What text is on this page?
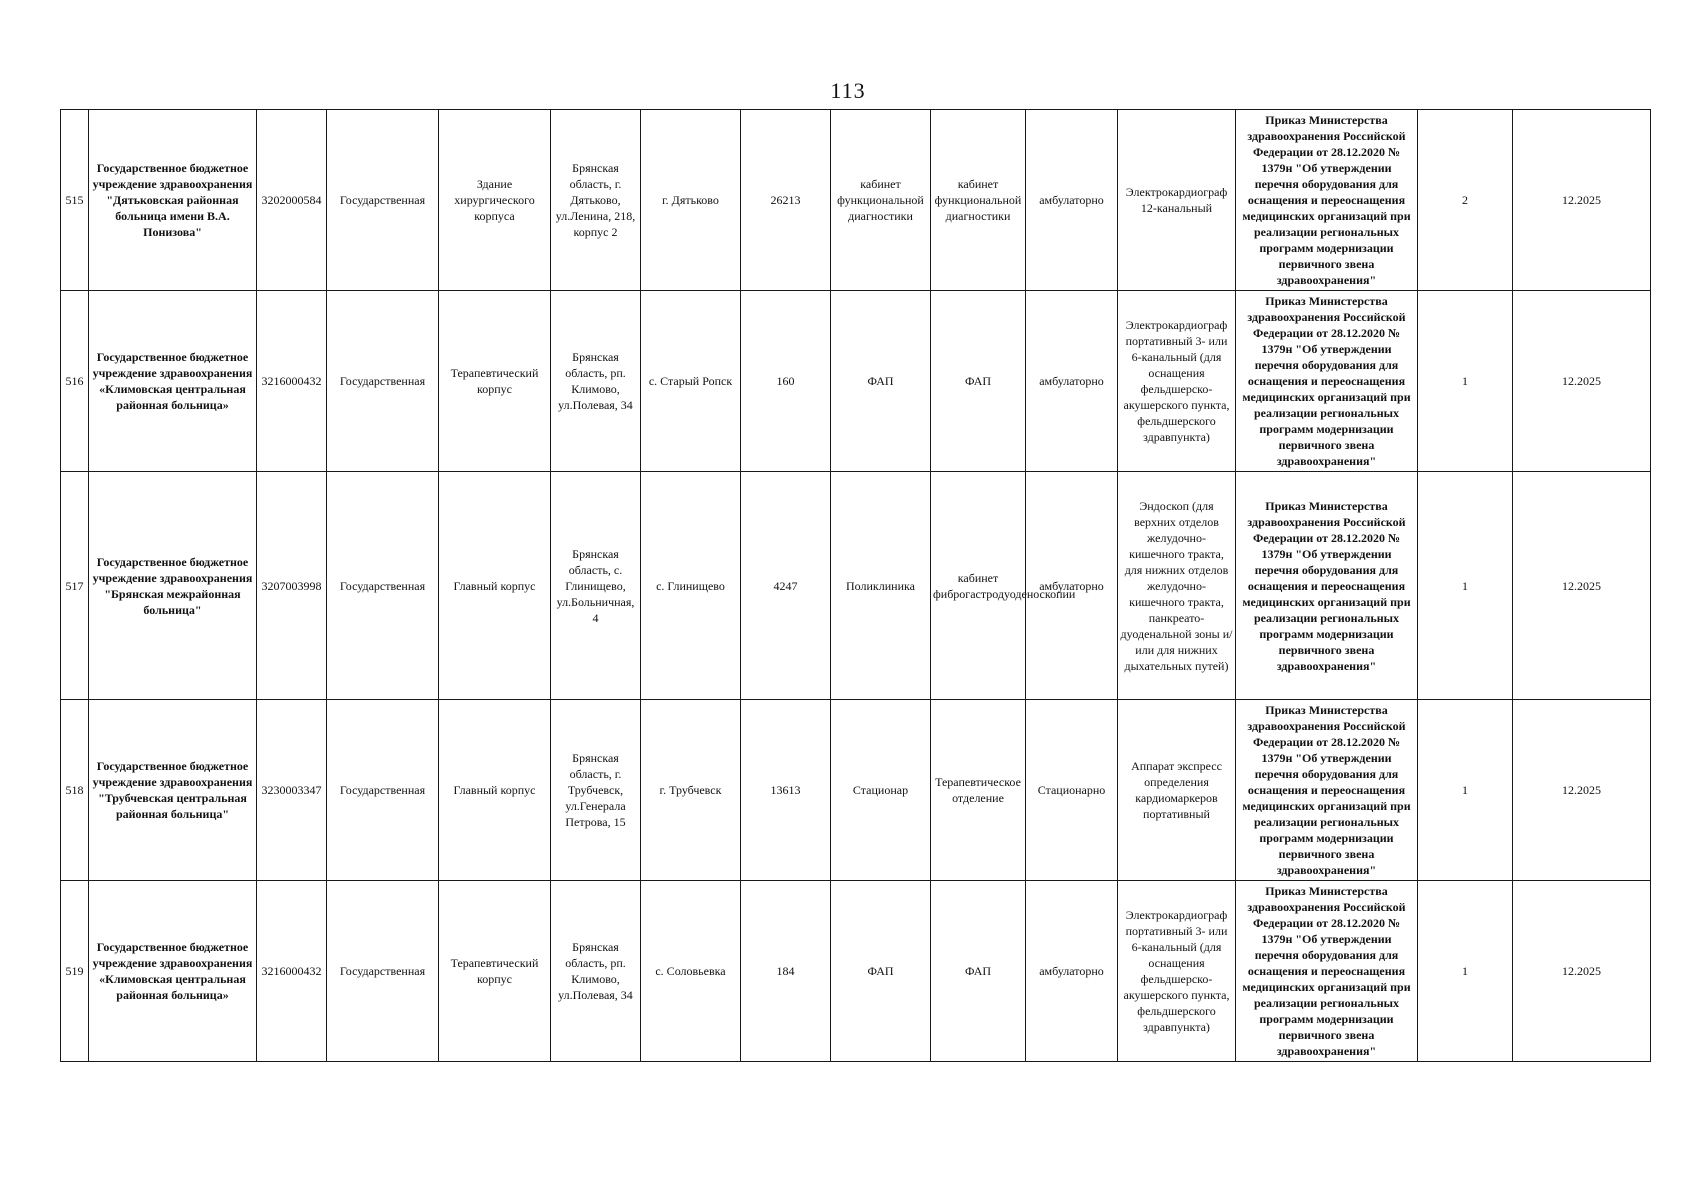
113
515	Государственное бюджетное учреждение здравоохранения "Дятьковская районная больница имени В.А. Понизова"	3202000584	Государственная	Здание хирургического корпуса	Брянская область, г. Дятьково, ул.Ленина, 218, корпус 2	г. Дятьково	26213	кабинет функциональной диагностики	кабинет функциональной диагностики	амбулаторно	Электрокардиограф 12-канальный	Приказ Министерства здравоохранения Российской Федерации от 28.12.2020 № 1379н "Об утверждении перечня оборудования для оснащения и переоснащения медицинских организаций при реализации региональных программ модернизации первичного звена здравоохранения"	2	12.2025
516	Государственное бюджетное учреждение здравоохранения «Климовская центральная районная больница»	3216000432	Государственная	Терапевтический корпус	Брянская область, рп. Климово, ул.Полевая, 34	с. Старый Ропск	160	ФАП	ФАП	амбулаторно	Электрокардиограф портативный 3- или 6-канальный (для оснащения фельдшерско-акушерского пункта, фельдшерского здравпункта)	Приказ Министерства здравоохранения Российской Федерации от 28.12.2020 № 1379н "Об утверждении перечня оборудования для оснащения и переоснащения медицинских организаций при реализации региональных программ модернизации первичного звена здравоохранения"	1	12.2025
517	Государственное бюджетное учреждение здравоохранения "Брянская межрайонная больница"	3207003998	Государственная	Главный корпус	Брянская область, с. Глинищево, ул.Больничная, 4	с. Глинищево	4247	Поликлиника	кабинет фиброгастродуоденоскопии	амбулаторно	Эндоскоп (для верхних отделов желудочно-кишечного тракта, для нижних отделов желудочно-кишечного тракта, панкреато-дуоденальной зоны и/или для нижних дыхательных путей)	Приказ Министерства здравоохранения Российской Федерации от 28.12.2020 № 1379н "Об утверждении перечня оборудования для оснащения и переоснащения медицинских организаций при реализации региональных программ модернизации первичного звена здравоохранения"	1	12.2025
518	Государственное бюджетное учреждение здравоохранения "Трубчевская центральная районная больница"	3230003347	Государственная	Главный корпус	Брянская область, г. Трубчевск, ул.Генерала Петрова, 15	г. Трубчевск	13613	Стационар	Терапевтическое отделение	Стационарно	Аппарат экспресс определения кардиомаркеров портативный	Приказ Министерства здравоохранения Российской Федерации от 28.12.2020 № 1379н "Об утверждении перечня оборудования для оснащения и переоснащения медицинских организаций при реализации региональных программ модернизации первичного звена здравоохранения"	1	12.2025
519	Государственное бюджетное учреждение здравоохранения «Климовская центральная районная больница»	3216000432	Государственная	Терапевтический корпус	Брянская область, рп. Климово, ул.Полевая, 34	с. Соловьевка	184	ФАП	ФАП	амбулаторно	Электрокардиограф портативный 3- или 6-канальный (для оснащения фельдшерско-акушерского пункта, фельдшерского здравпункта)	Приказ Министерства здравоохранения Российской Федерации от 28.12.2020 № 1379н "Об утверждении перечня оборудования для оснащения и переоснащения медицинских организаций при реализации региональных программ модернизации первичного звена здравоохранения"	1	12.2025
